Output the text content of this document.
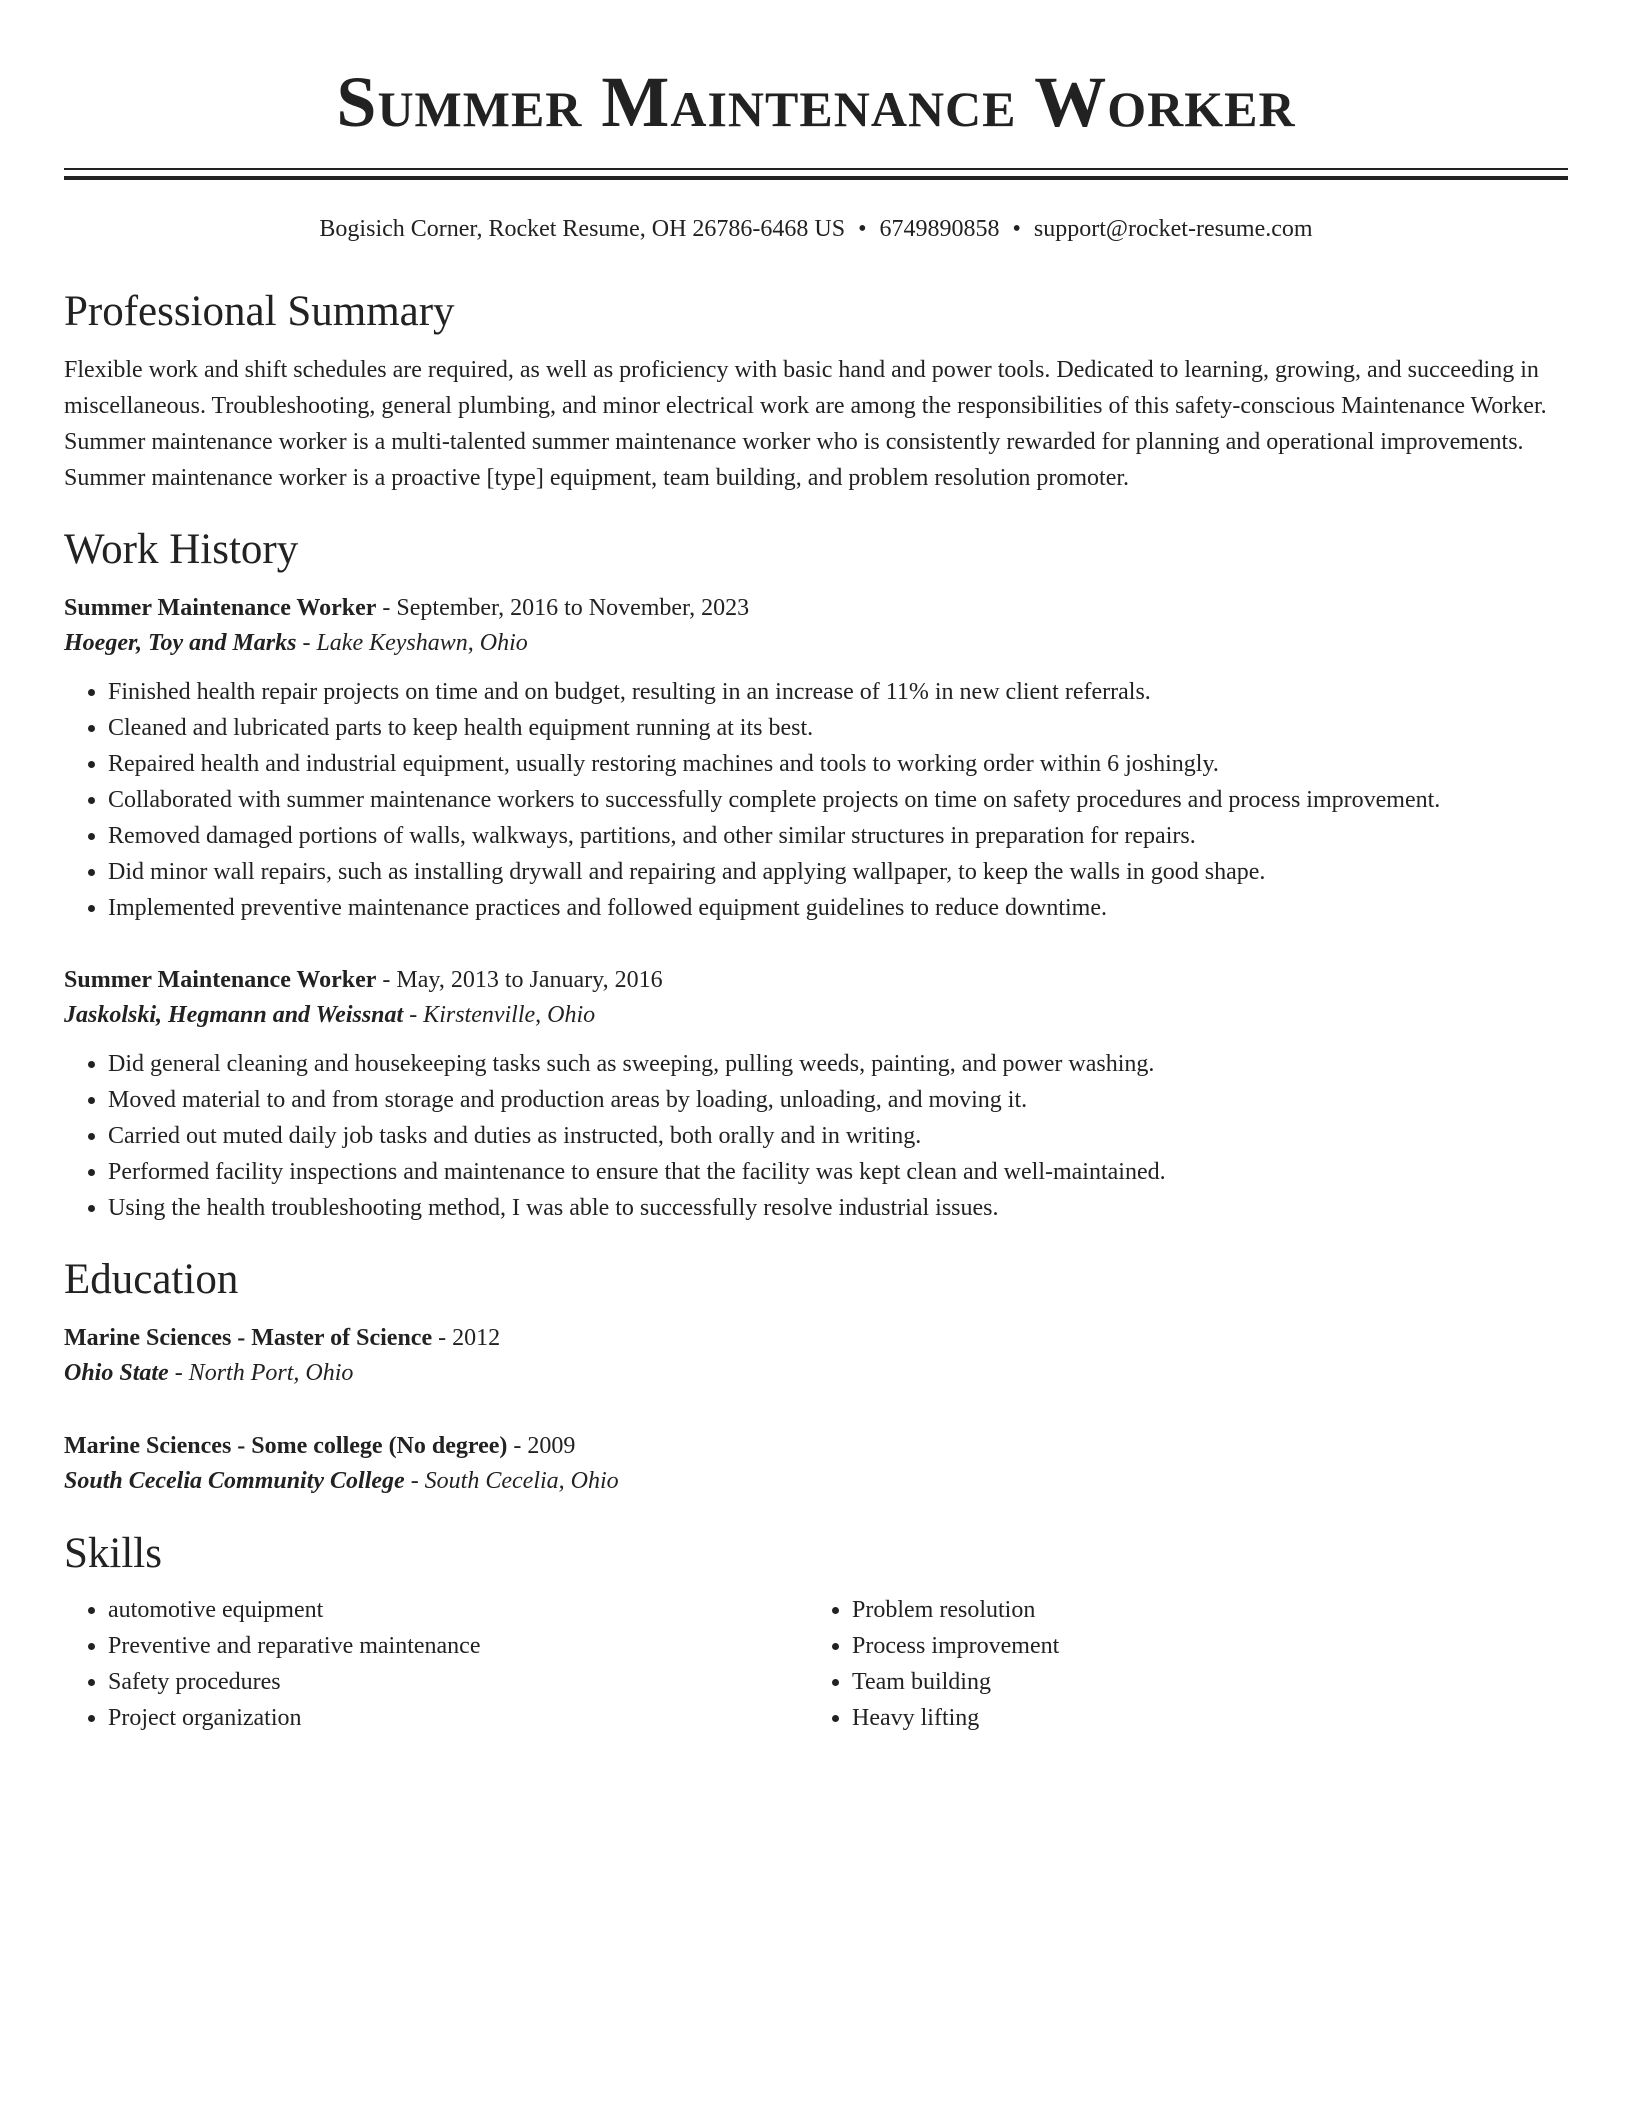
Summer Maintenance Worker
Bogisich Corner, Rocket Resume, OH 26786-6468 US • 6749890858 • support@rocket-resume.com
Professional Summary
Flexible work and shift schedules are required, as well as proficiency with basic hand and power tools. Dedicated to learning, growing, and succeeding in miscellaneous. Troubleshooting, general plumbing, and minor electrical work are among the responsibilities of this safety-conscious Maintenance Worker. Summer maintenance worker is a multi-talented summer maintenance worker who is consistently rewarded for planning and operational improvements. Summer maintenance worker is a proactive [type] equipment, team building, and problem resolution promoter.
Work History
Summer Maintenance Worker - September, 2016 to November, 2023
Hoeger, Toy and Marks - Lake Keyshawn, Ohio
• Finished health repair projects on time and on budget, resulting in an increase of 11% in new client referrals.
• Cleaned and lubricated parts to keep health equipment running at its best.
• Repaired health and industrial equipment, usually restoring machines and tools to working order within 6 joshingly.
• Collaborated with summer maintenance workers to successfully complete projects on time on safety procedures and process improvement.
• Removed damaged portions of walls, walkways, partitions, and other similar structures in preparation for repairs.
• Did minor wall repairs, such as installing drywall and repairing and applying wallpaper, to keep the walls in good shape.
• Implemented preventive maintenance practices and followed equipment guidelines to reduce downtime.
Summer Maintenance Worker - May, 2013 to January, 2016
Jaskolski, Hegmann and Weissnat - Kirstenville, Ohio
• Did general cleaning and housekeeping tasks such as sweeping, pulling weeds, painting, and power washing.
• Moved material to and from storage and production areas by loading, unloading, and moving it.
• Carried out muted daily job tasks and duties as instructed, both orally and in writing.
• Performed facility inspections and maintenance to ensure that the facility was kept clean and well-maintained.
• Using the health troubleshooting method, I was able to successfully resolve industrial issues.
Education
Marine Sciences - Master of Science - 2012
Ohio State - North Port, Ohio
Marine Sciences - Some college (No degree) - 2009
South Cecelia Community College - South Cecelia, Ohio
Skills
• automotive equipment
• Preventive and reparative maintenance
• Safety procedures
• Project organization
• Problem resolution
• Process improvement
• Team building
• Heavy lifting
